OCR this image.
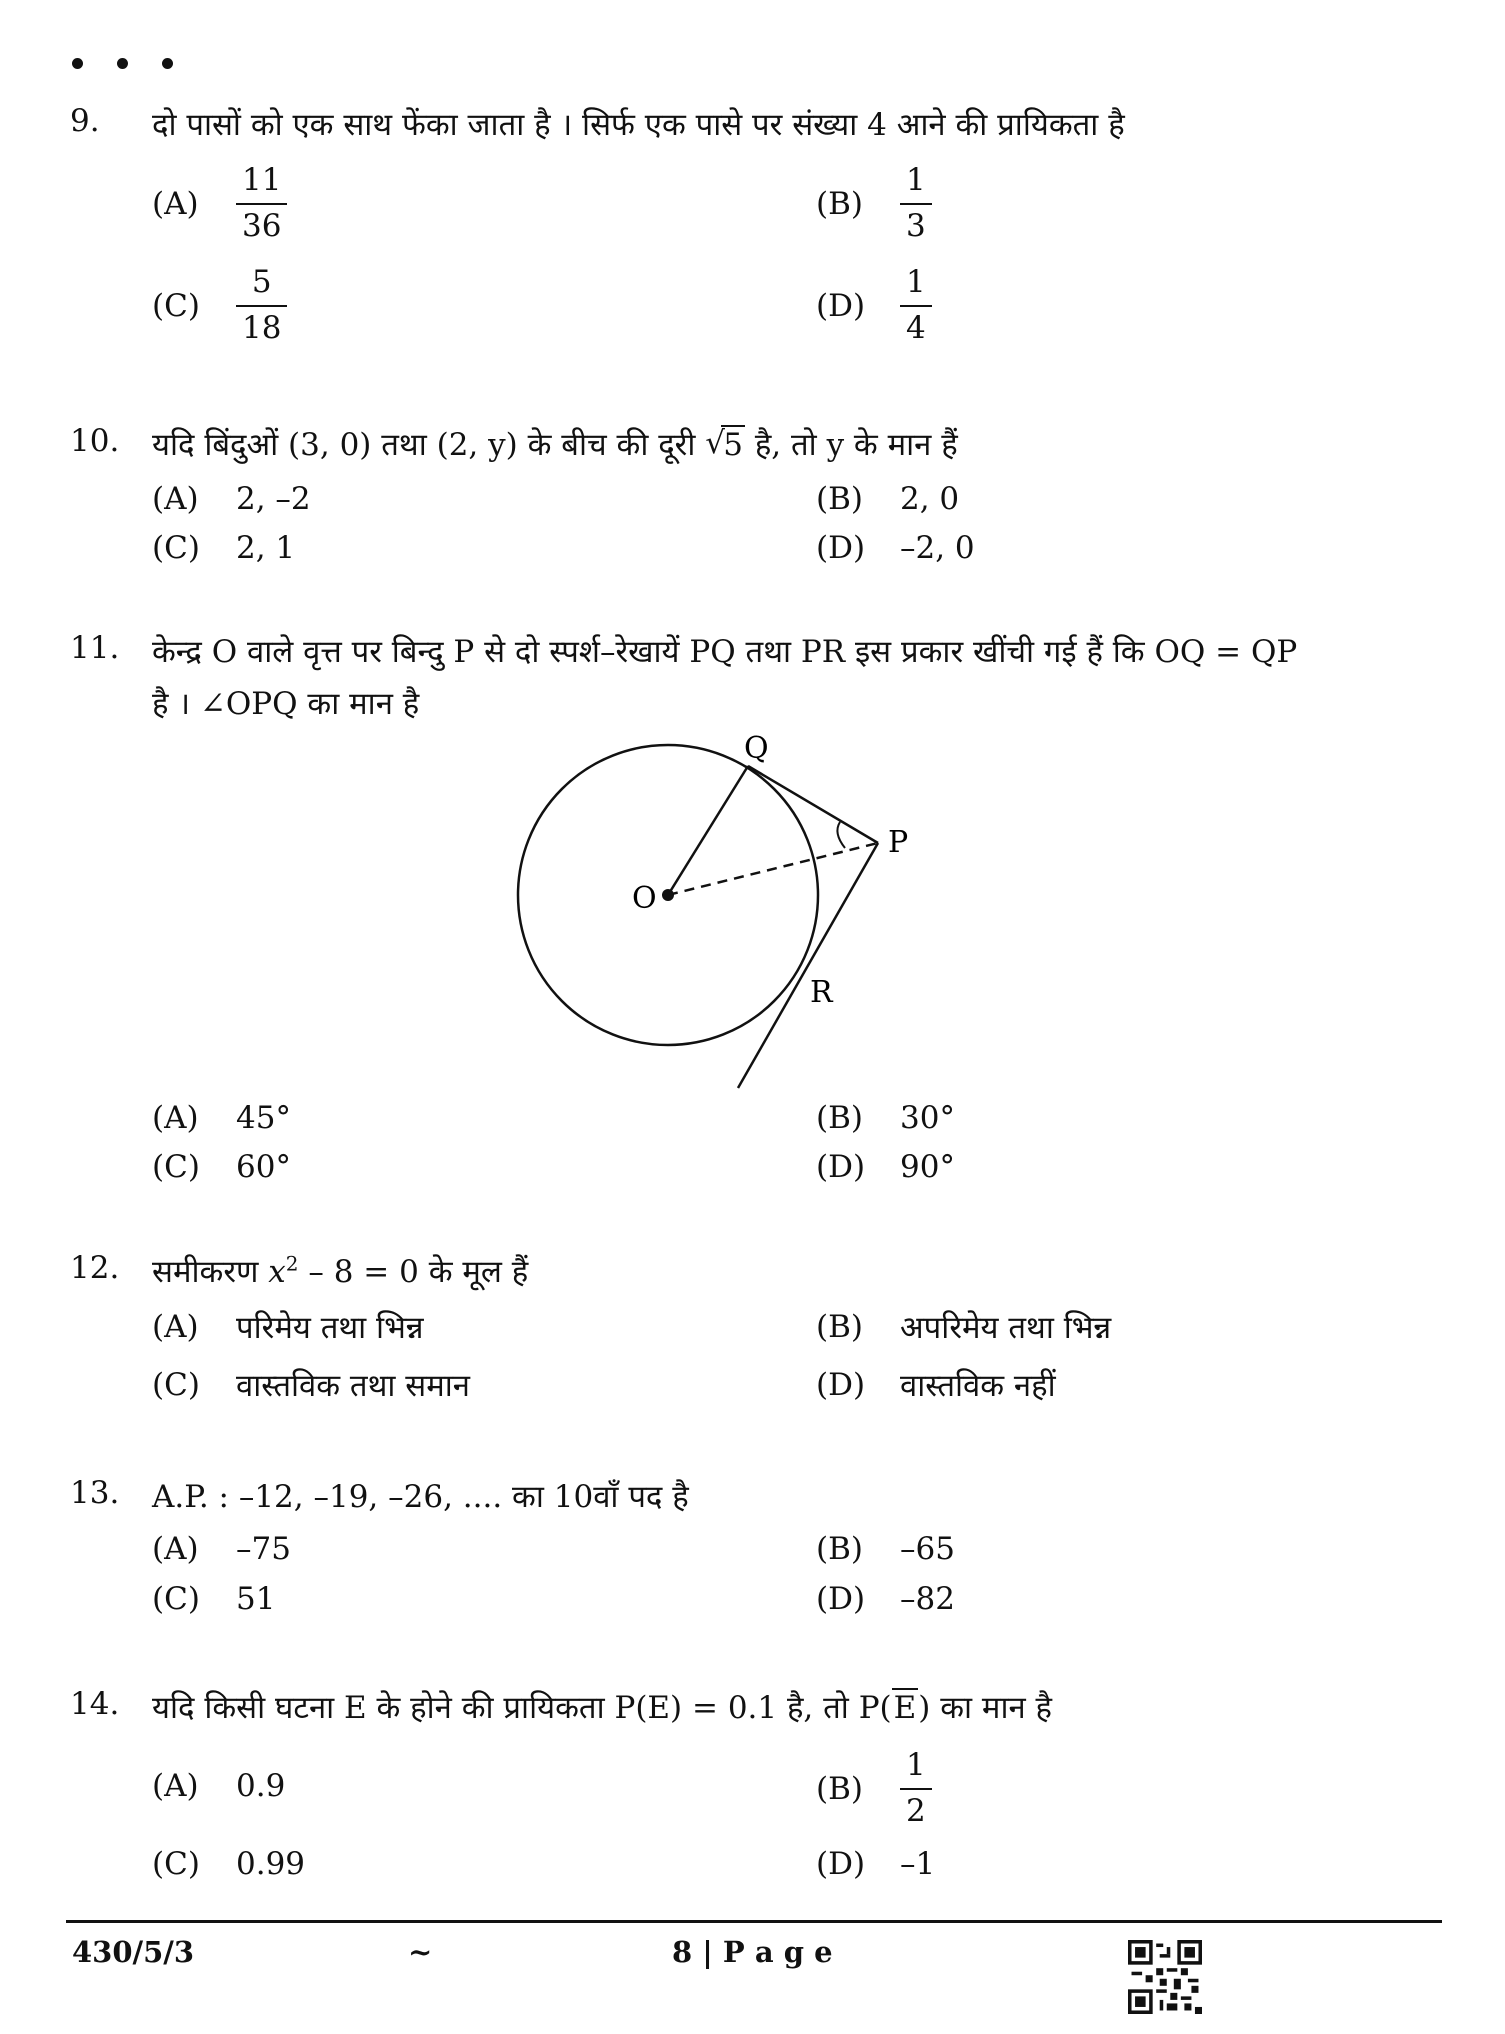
9. दो पासों को एक साथ फेंका जाता है । सिर्फ एक पासे पर संख्या 4 आने की प्रायिकता है
(A)	$\frac{11}{36}$	(B)	$\frac{1}{3}$
(C)	$\frac{5}{18}$	(D)	$\frac{1}{4}$
10. यदि बिंदुओं (3, 0) तथा (2, y) के बीच की दूरी √
5 है, तो y के मान हैं
(A)	2, –2	(B)	2, 0
(C)	2, 1	(D)	–2, 0
11. केन्द्र O वाले वृत्त पर बिन्दु P से दो स्पर्श–रेखायें PQ तथा PR इस प्रकार खींची गई हैं कि OQ = QP
है । ∠OPQ का मान है
O
P
Q
R
(A)	45°	(B)	30°
(C)	60°	(D)	90°
12. समीकरण $x^2 - 8 = 0$ के मूल हैं
(A)	परिमेय तथा भिन्न	(B)	अपरिमेय तथा भिन्न
(C)	वास्तविक तथा समान	(D)	वास्तविक नहीं
13. A.P. : –12, –19, –26, .... का 10वाँ पद है
(A)	–75	(B)	–65
(C)	51	(D)	–82
14. यदि किसी घटना E के होने की प्रायिकता P(E) = 0.1 है, तो P(E) का मान है
(A)	0.9	(B)	$\frac{1}{2}$
(C)	0.99	(D)	–1
430/5/3	~	8 | P a g e
